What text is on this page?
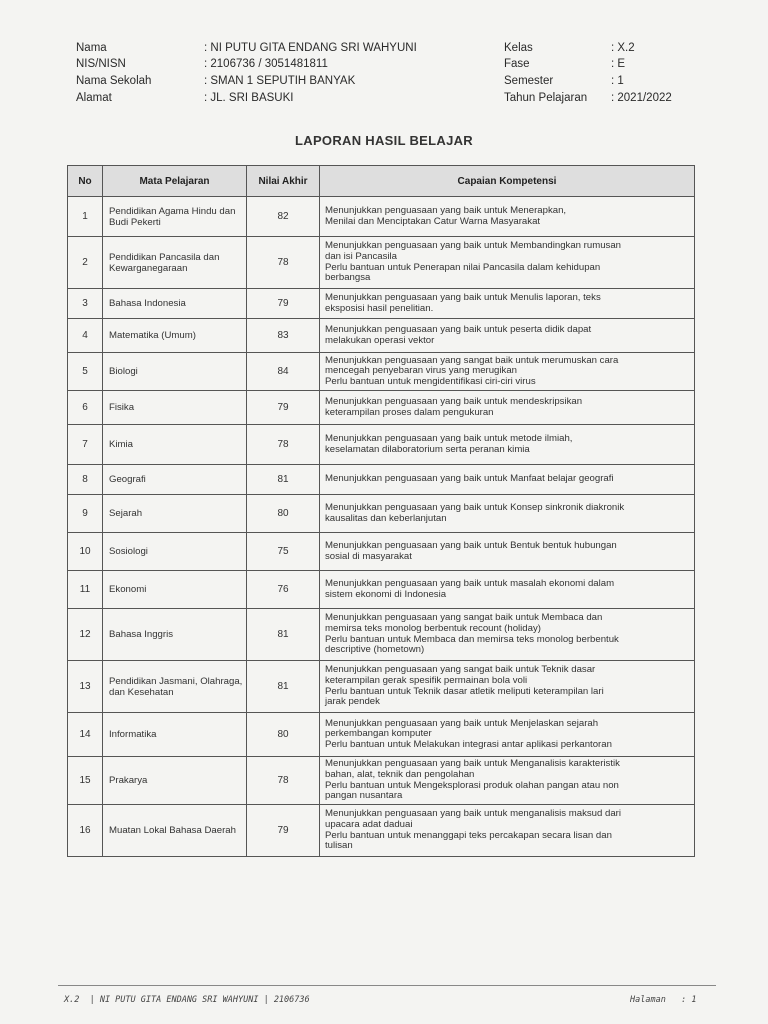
Nama	: NI PUTU GITA ENDANG SRI WAHYUNI
NIS/NISN	: 2106736 / 3051481811
Nama Sekolah	: SMAN 1 SEPUTIH BANYAK
Alamat	: JL. SRI BASUKI
Kelas	: X.2
Fase	: E
Semester	: 1
Tahun Pelajaran : 2021/2022
LAPORAN HASIL BELAJAR
No	Mata Pelajaran	Nilai Akhir	Capaian Kompetensi
1	Pendidikan Agama Hindu dan Budi Pekerti	82	Menunjukkan penguasaan yang baik untuk Menerapkan,
Menilai dan Menciptakan Catur Warna Masyarakat

2	Pendidikan Pancasila dan Kewarganegaraan	78	Menunjukkan penguasaan yang baik untuk Membandingkan rumusan
dan isi Pancasila
Perlu bantuan untuk Penerapan nilai Pancasila dalam kehidupan
berbangsa

3	Bahasa Indonesia	79	Menunjukkan penguasaan yang baik untuk Menulis laporan, teks
eksposisi hasil penelitian.

4	Matematika (Umum)	83	Menunjukkan penguasaan yang baik untuk peserta didik dapat
melakukan operasi vektor

5	Biologi	84	Menunjukkan penguasaan yang sangat baik untuk merumuskan cara
mencegah penyebaran virus yang merugikan
Perlu bantuan untuk mengidentifikasi ciri-ciri virus

6	Fisika	79	Menunjukkan penguasaan yang baik untuk mendeskripsikan
keterampilan proses dalam pengukuran

7	Kimia	78	Menunjukkan penguasaan yang baik untuk metode ilmiah,
keselamatan dilaboratorium serta peranan kimia

8	Geografi	81	Menunjukkan penguasaan yang baik untuk Manfaat belajar geografi

9	Sejarah	80	Menunjukkan penguasaan yang baik untuk Konsep sinkronik diakronik
kausalitas dan keberlanjutan

10	Sosiologi	75	Menunjukkan penguasaan yang baik untuk Bentuk bentuk hubungan
sosial di masyarakat

11	Ekonomi	76	Menunjukkan penguasaan yang baik untuk masalah ekonomi dalam
sistem ekonomi di Indonesia

12	Bahasa Inggris	81	Menunjukkan penguasaan yang sangat baik untuk Membaca dan
memirsa teks monolog berbentuk recount (holiday)
Perlu bantuan untuk Membaca dan memirsa teks monolog berbentuk
descriptive (hometown)

13	Pendidikan Jasmani, Olahraga, dan Kesehatan	81	Menunjukkan penguasaan yang sangat baik untuk Teknik dasar
keterampilan gerak spesifik permainan bola voli
Perlu bantuan untuk Teknik dasar atletik meliputi keterampilan lari
jarak pendek

14	Informatika	80	Menunjukkan penguasaan yang baik untuk Menjelaskan sejarah
perkembangan komputer
Perlu bantuan untuk Melakukan integrasi antar aplikasi perkantoran

15	Prakarya	78	Menunjukkan penguasaan yang baik untuk Menganalisis karakteristik
bahan, alat, teknik dan pengolahan
Perlu bantuan untuk Mengeksplorasi produk olahan pangan atau non
pangan nusantara

16	Muatan Lokal Bahasa Daerah	79	Menunjukkan penguasaan yang baik untuk menganalisis maksud dari
upacara adat daduai
Perlu bantuan untuk menanggapi teks percakapan secara lisan dan
tulisan
X.2  | NI PUTU GITA ENDANG SRI WAHYUNI | 2106736	Halaman   : 1
